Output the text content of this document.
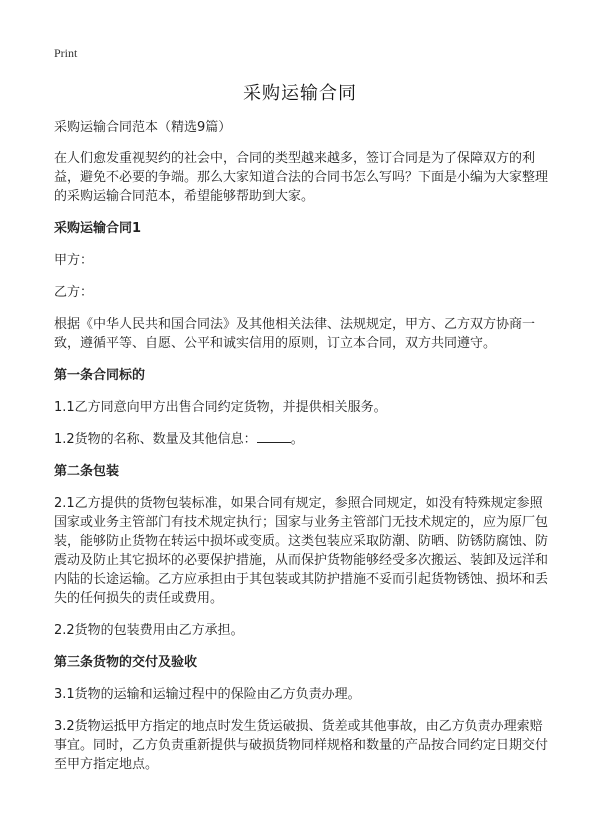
Print
采购运输合同

采购运输合同范本（精选9篇）

在人们愈发重视契约的社会中，合同的类型越来越多，签订合同是为了保障双方的利益，避免不必要的争端。那么大家知道合法的合同书怎么写吗？下面是小编为大家整理的采购运输合同范本，希望能够帮助到大家。

采购运输合同1

甲方：

乙方：

根据《中华人民共和国合同法》及其他相关法律、法规规定，甲方、乙方双方协商一致，遵循平等、自愿、公平和诚实信用的原则，订立本合同，双方共同遵守。

第一条合同标的

1.1乙方同意向甲方出售合同约定货物，并提供相关服务。

1.2货物的名称、数量及其他信息：	。

第二条包装

2.1乙方提供的货物包装标准，如果合同有规定，参照合同规定，如没有特殊规定参照国家或业务主管部门有技术规定执行；国家与业务主管部门无技术规定的，应为原厂包装，能够防止货物在转运中损坏或变质。这类包装应采取防潮、防晒、防锈防腐蚀、防震动及防止其它损坏的必要保护措施，从而保护货物能够经受多次搬运、装卸及远洋和内陆的长途运输。乙方应承担由于其包装或其防护措施不妥而引起货物锈蚀、损坏和丢失的任何损失的责任或费用。

2.2货物的包装费用由乙方承担。

第三条货物的交付及验收

3.1货物的运输和运输过程中的保险由乙方负责办理。

3.2货物运抵甲方指定的地点时发生货运破损、货差或其他事故，由乙方负责办理索赔事宜。同时，乙方负责重新提供与破损货物同样规格和数量的产品按合同约定日期交付至甲方指定地点。
